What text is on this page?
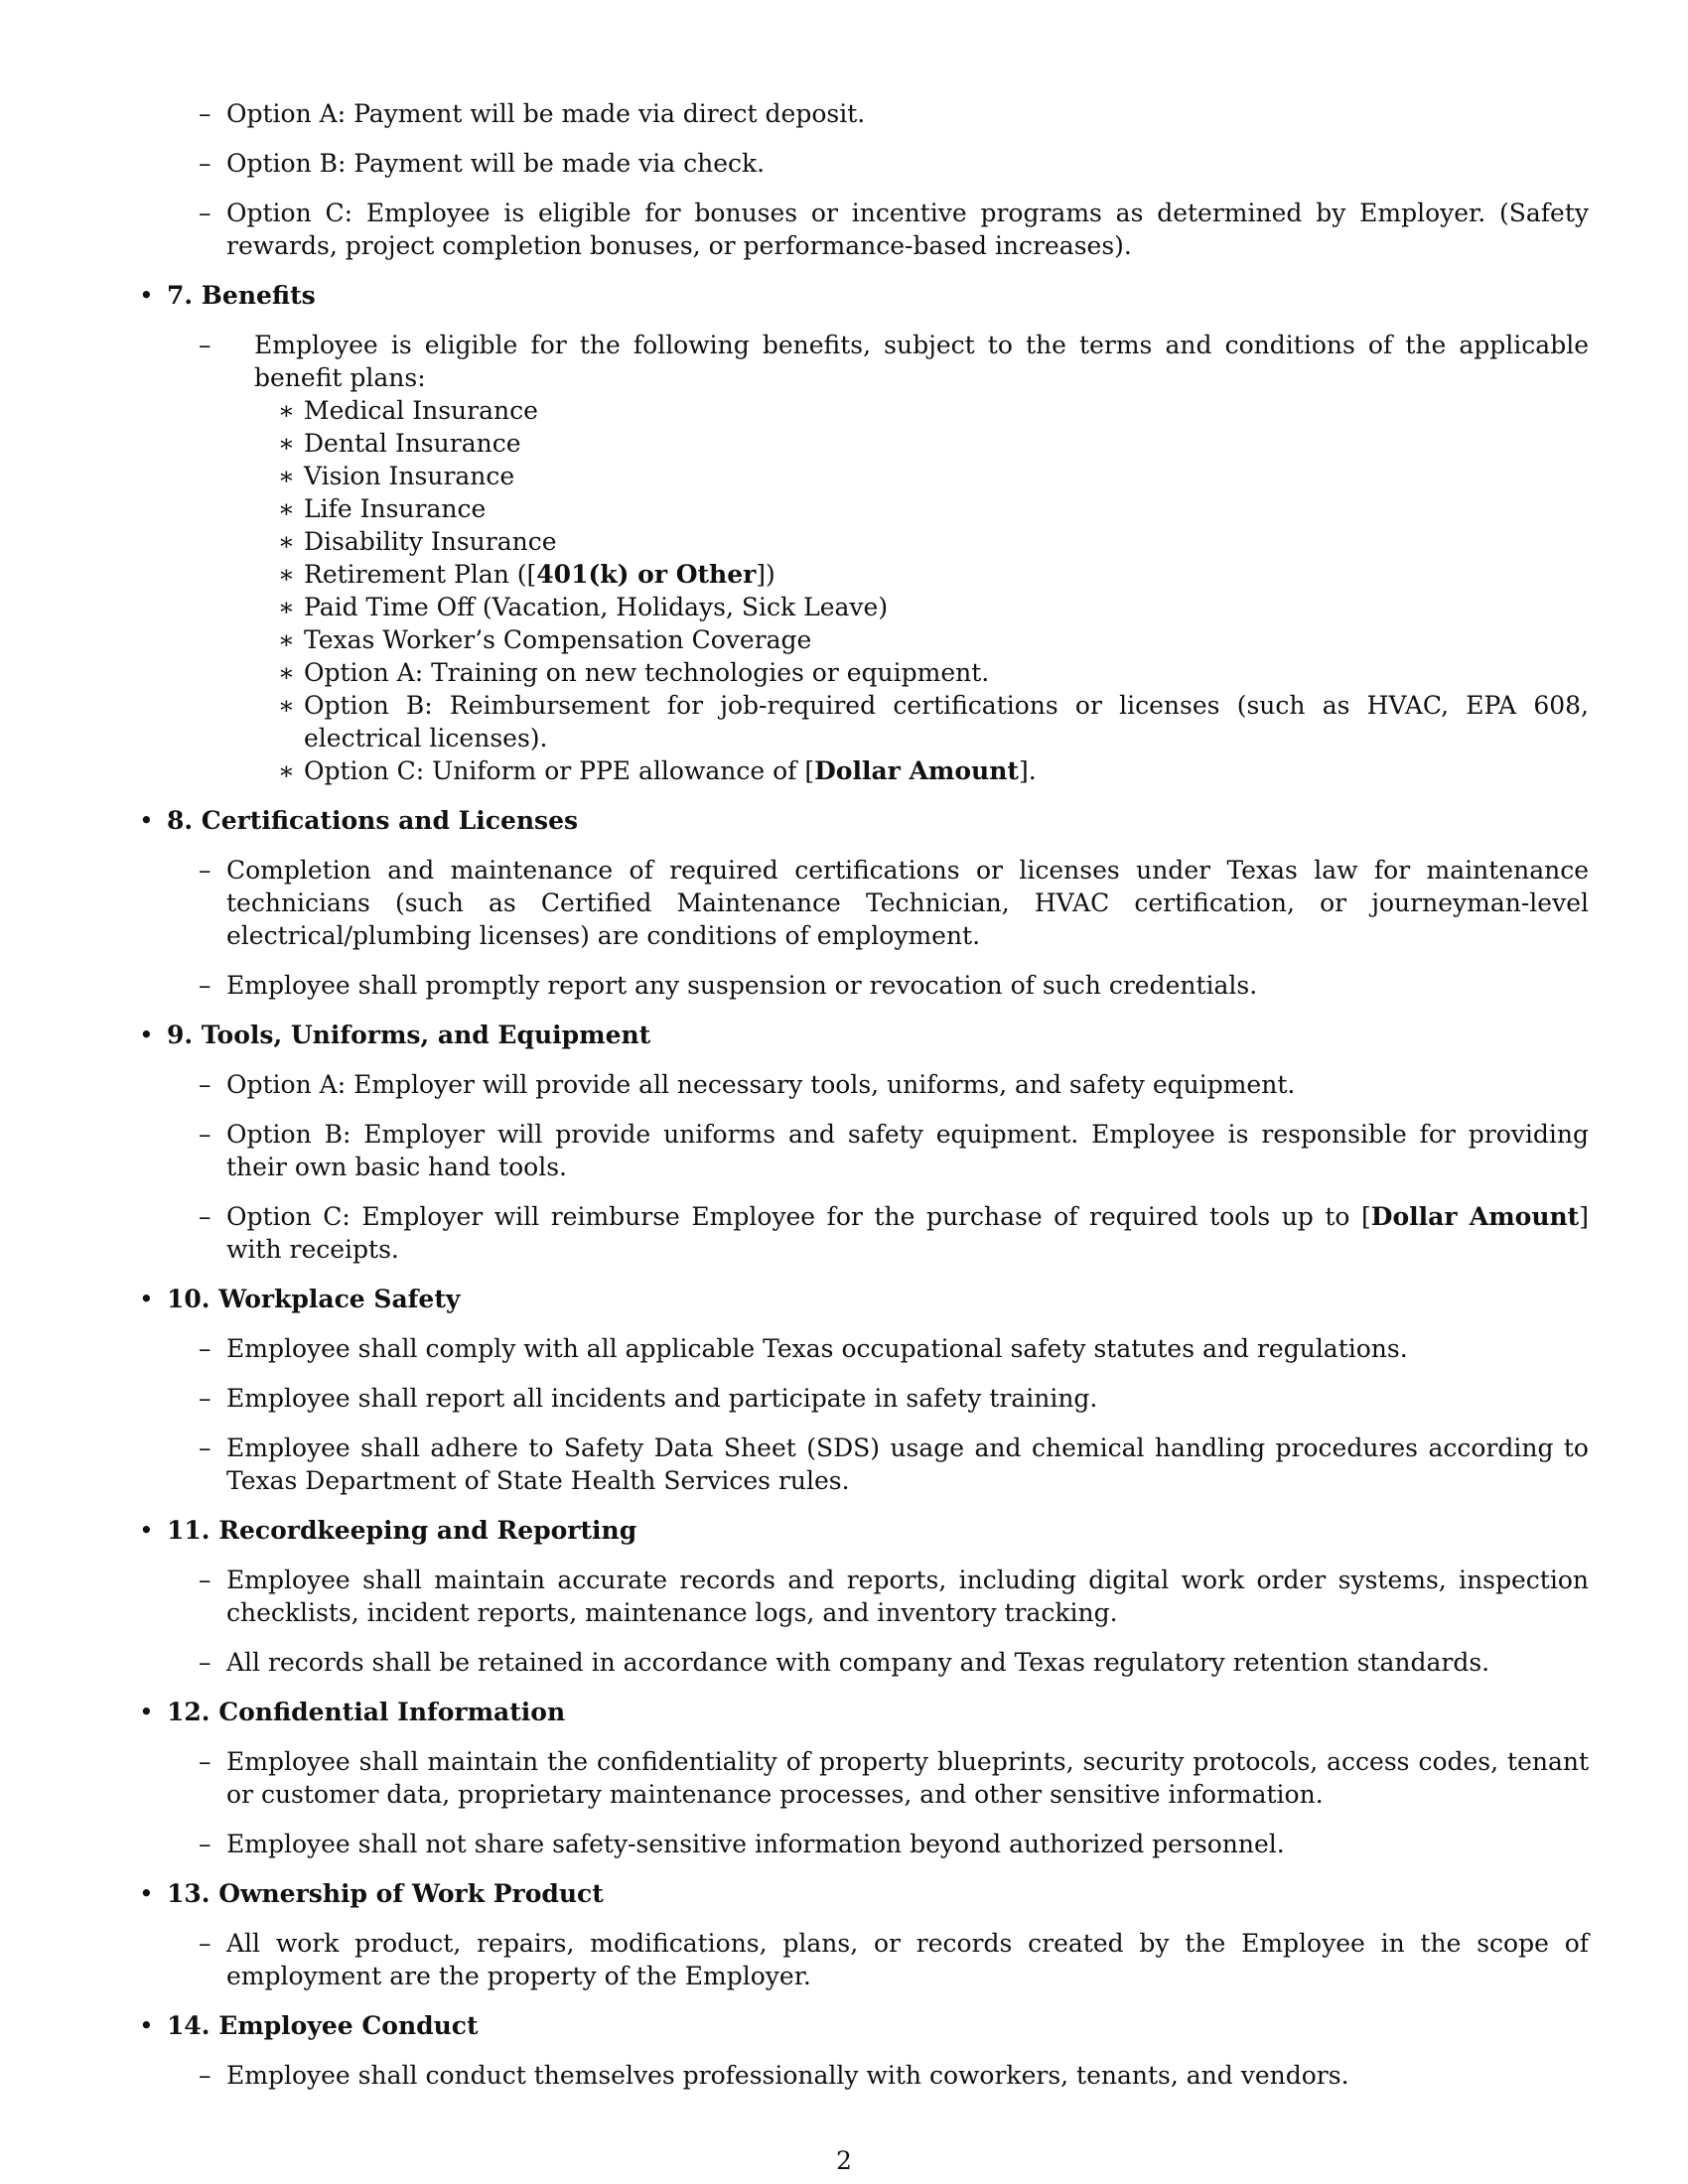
– Option A: Payment will be made via direct deposit.
– Option B: Payment will be made via check.
– Option C: Employee is eligible for bonuses or incentive programs as determined by Employer. (Safety rewards, project completion bonuses, or performance-based increases).
• 7. Benefits
–	Employee is eligible for the following benefits, subject to the terms and conditions of the applicable benefit plans:
∗ Medical Insurance
∗ Dental Insurance
∗ Vision Insurance
∗ Life Insurance
∗ Disability Insurance
∗ Retirement Plan ([401(k) or Other])
∗ Paid Time Off (Vacation, Holidays, Sick Leave)
∗ Texas Worker’s Compensation Coverage
∗ Option A: Training on new technologies or equipment.
∗ Option B: Reimbursement for job-required certifications or licenses (such as HVAC, EPA 608, electrical licenses).
∗ Option C: Uniform or PPE allowance of [Dollar Amount].
• 8. Certifications and Licenses
– Completion and maintenance of required certifications or licenses under Texas law for maintenance technicians (such as Certified Maintenance Technician, HVAC certification, or journeyman-level electrical/plumbing licenses) are conditions of employment.
– Employee shall promptly report any suspension or revocation of such credentials.
• 9. Tools, Uniforms, and Equipment
– Option A: Employer will provide all necessary tools, uniforms, and safety equipment.
– Option B: Employer will provide uniforms and safety equipment. Employee is responsible for providing their own basic hand tools.
– Option C: Employer will reimburse Employee for the purchase of required tools up to [Dollar Amount] with receipts.
• 10. Workplace Safety
– Employee shall comply with all applicable Texas occupational safety statutes and regulations.
– Employee shall report all incidents and participate in safety training.
– Employee shall adhere to Safety Data Sheet (SDS) usage and chemical handling procedures according to Texas Department of State Health Services rules.
• 11. Recordkeeping and Reporting
– Employee shall maintain accurate records and reports, including digital work order systems, inspection checklists, incident reports, maintenance logs, and inventory tracking.
– All records shall be retained in accordance with company and Texas regulatory retention standards.
• 12. Confidential Information
– Employee shall maintain the confidentiality of property blueprints, security protocols, access codes, tenant or customer data, proprietary maintenance processes, and other sensitive information.
– Employee shall not share safety-sensitive information beyond authorized personnel.
• 13. Ownership of Work Product
– All work product, repairs, modifications, plans, or records created by the Employee in the scope of employment are the property of the Employer.
• 14. Employee Conduct
– Employee shall conduct themselves professionally with coworkers, tenants, and vendors.
2
